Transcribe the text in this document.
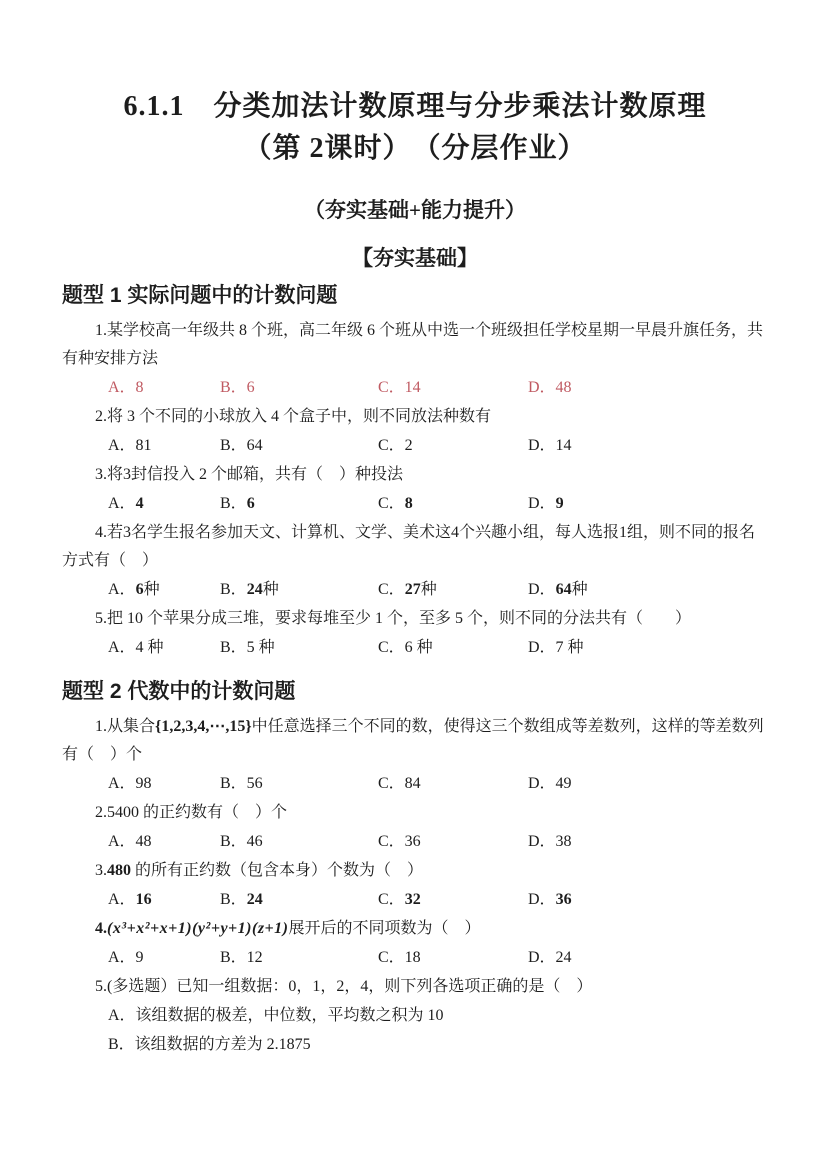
6.1.1　分类加法计数原理与分步乘法计数原理
（第 2课时）　（分层作业）
（夯实基础+能力提升）
【夯实基础】
题型 1 实际问题中的计数问题

1.某学校高一年级共 8 个班，高二年级 6 个班从中选一个班级担任学校星期一早晨升旗任务，共有种安排方法

A．8	B．6	C．14	D．48

2.将 3 个不同的小球放入 4 个盒子中，则不同放法种数有

A．81	B．64	C．2	D．14

3.将3封信投入 2 个邮箱，共有（　）种投法

A．4	B．6	C．8	D．9

4.若3名学生报名参加天文、计算机、文学、美术这4个兴趣小组，每人选报1组，则不同的报名方式有（　）

A．6种	B．24种	C．27种	D．64种

5.把 10 个苹果分成三堆，要求每堆至少 1 个，至多 5 个，则不同的分法共有（　　）

A．4 种	B．5 种	C．6 种	D．7 种
题型 2 代数中的计数问题

1.从集合{1,2,3,4,⋯,15}中任意选择三个不同的数，使得这三个数组成等差数列，这样的等差数列有（　）个

A．98	B．56	C．84	D．49

2.5400 的正约数有（　）个

A．48	B．46	C．36	D．38

3.480 的所有正约数（包含本身）个数为（　）

A．16	B．24	C．32	D．36

4.(x³+x²+x+1)(y²+y+1)(z+1)展开后的不同项数为（　）

A．9	B．12	C．18	D．24

5.(多选题）已知一组数据：0，1，2，4，则下列各选项正确的是（　）

A．该组数据的极差，中位数，平均数之积为 10
B．该组数据的方差为 2.1875
